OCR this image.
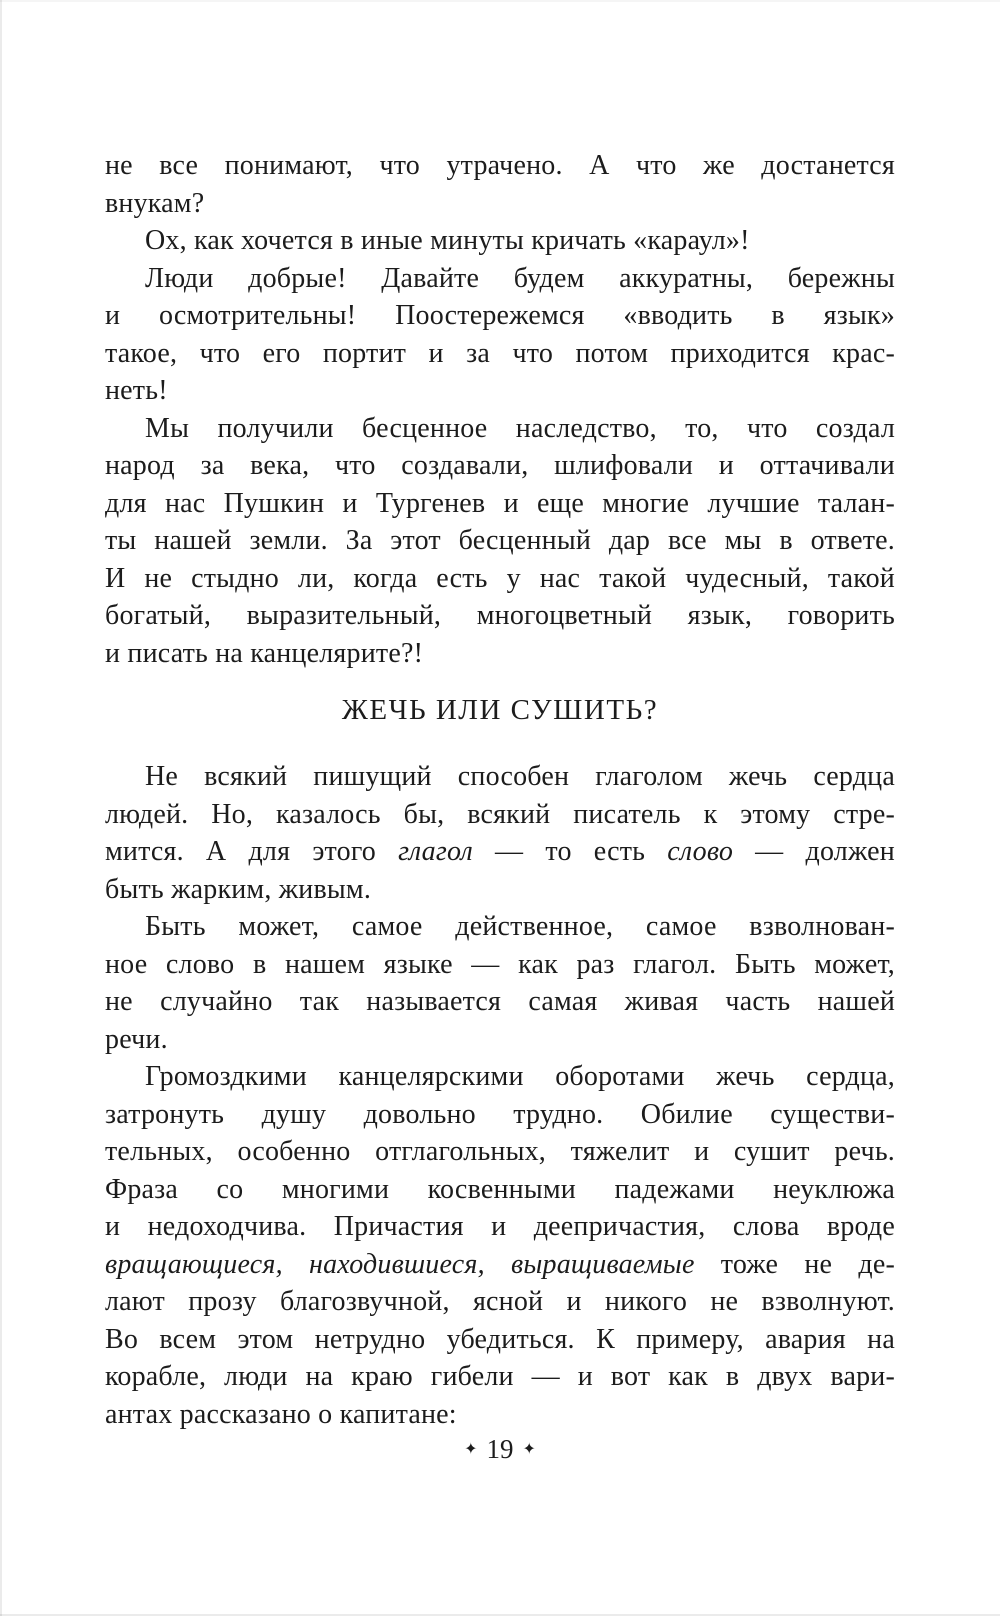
не все понимают, что утрачено. А что же достанется
внукам?
Ох, как хочется в иные минуты кричать «караул»!
Люди добрые! Давайте будем аккуратны, бережны
и осмотрительны! Поостережемся «вводить в язык»
такое, что его портит и за что потом приходится крас-
неть!
Мы получили бесценное наследство, то, что создал
народ за века, что создавали, шлифовали и оттачивали
для нас Пушкин и Тургенев и еще многие лучшие талан-
ты нашей земли. За этот бесценный дар все мы в ответе.
И не стыдно ли, когда есть у нас такой чудесный, такой
богатый, выразительный, многоцветный язык, говорить
и писать на канцелярите?!
ЖЕЧЬ ИЛИ СУШИТЬ?
Не всякий пишущий способен глаголом жечь сердца
людей. Но, казалось бы, всякий писатель к этому стре-
мится. А для этого глагол — то есть слово — должен
быть жарким, живым.
Быть может, самое действенное, самое взволнован-
ное слово в нашем языке — как раз глагол. Быть может,
не случайно так называется самая живая часть нашей
речи.
Громоздкими канцелярскими оборотами жечь сердца,
затронуть душу довольно трудно. Обилие существи-
тельных, особенно отглагольных, тяжелит и сушит речь.
Фраза со многими косвенными падежами неуклюжа
и недоходчива. Причастия и деепричастия, слова вроде
вращающиеся, находившиеся, выращиваемые тоже не де-
лают прозу благозвучной, ясной и никого не взволнуют.
Во всем этом нетрудно убедиться. К примеру, авария на
корабле, люди на краю гибели — и вот как в двух вари-
антах рассказано о капитане:
✦ 19 ✦
